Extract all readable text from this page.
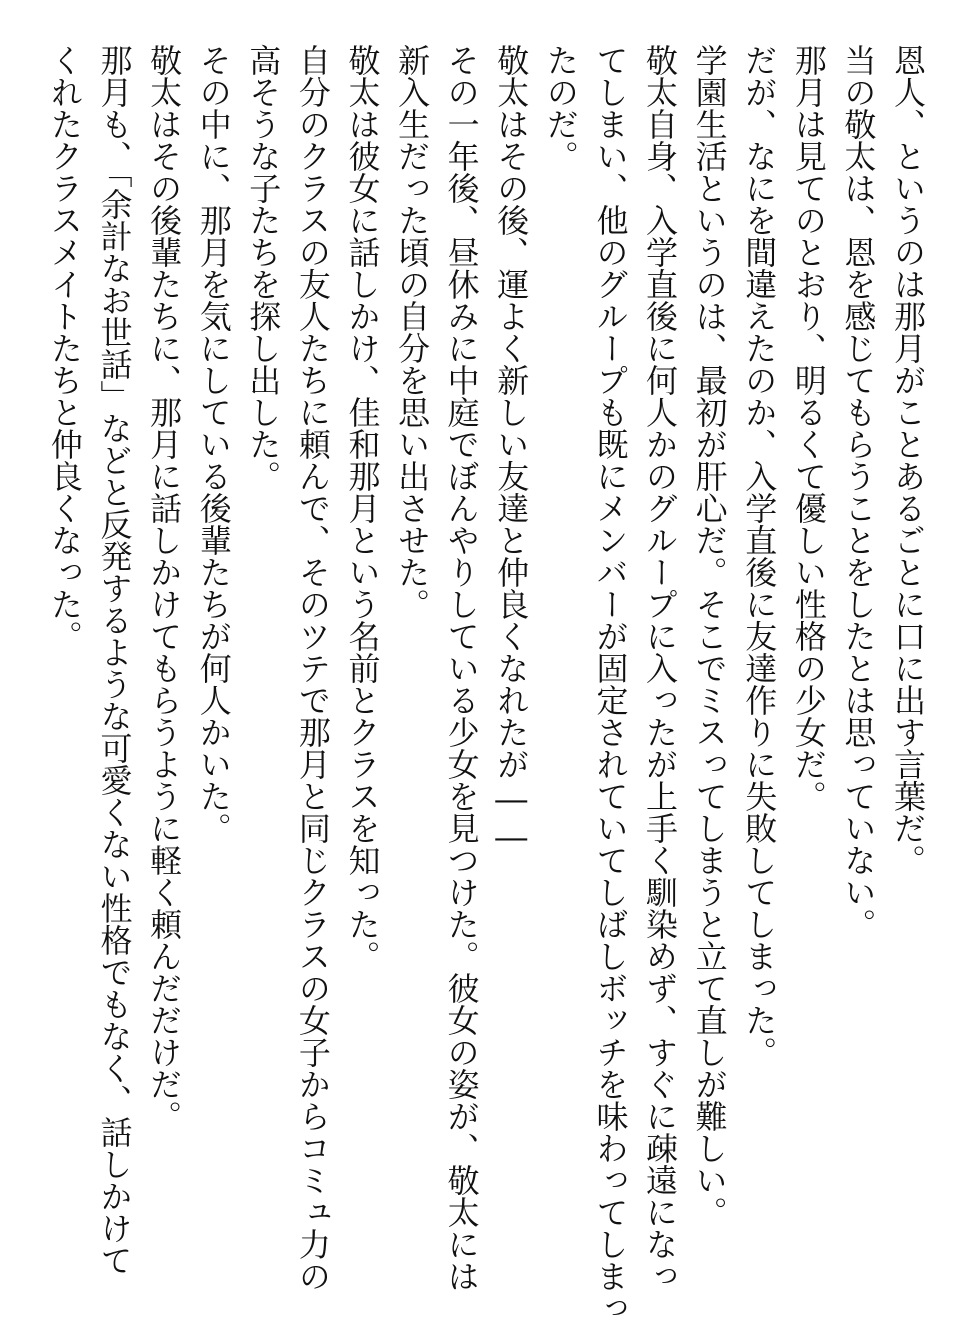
恩人、というのは那月がことあるごとに口に出す言葉だ。

当の敬太は、恩を感じてもらうことをしたとは思っていない。

那月は見てのとおり、明るくて優しい性格の少女だ。

だが、なにを間違えたのか、入学直後に友達作りに失敗してしまった。

学園生活というのは、最初が肝心だ。そこでミスってしまうと立て直しが難しい。

敬太自身、入学直後に何人かのグループに入ったが上手く馴染めず、すぐに疎遠になっ

てしまい、他のグループも既にメンバーが固定されていてしばしボッチを味わってしまっ

たのだ。

敬太はその後、運よく新しい友達と仲良くなれたが――

その一年後、昼休みに中庭でぼんやりしている少女を見つけた。彼女の姿が、敬太には

新入生だった頃の自分を思い出させた。

敬太は彼女に話しかけ、佳和那月という名前とクラスを知った。

自分のクラスの友人たちに頼んで、そのツテで那月と同じクラスの女子からコミュ力の

高そうな子たちを探し出した。

その中に、那月を気にしている後輩たちが何人かいた。

敬太はその後輩たちに、那月に話しかけてもらうように軽く頼んだだけだ。

那月も、「余計なお世話」などと反発するような可愛くない性格でもなく、話しかけて

くれたクラスメイトたちと仲良くなった。
